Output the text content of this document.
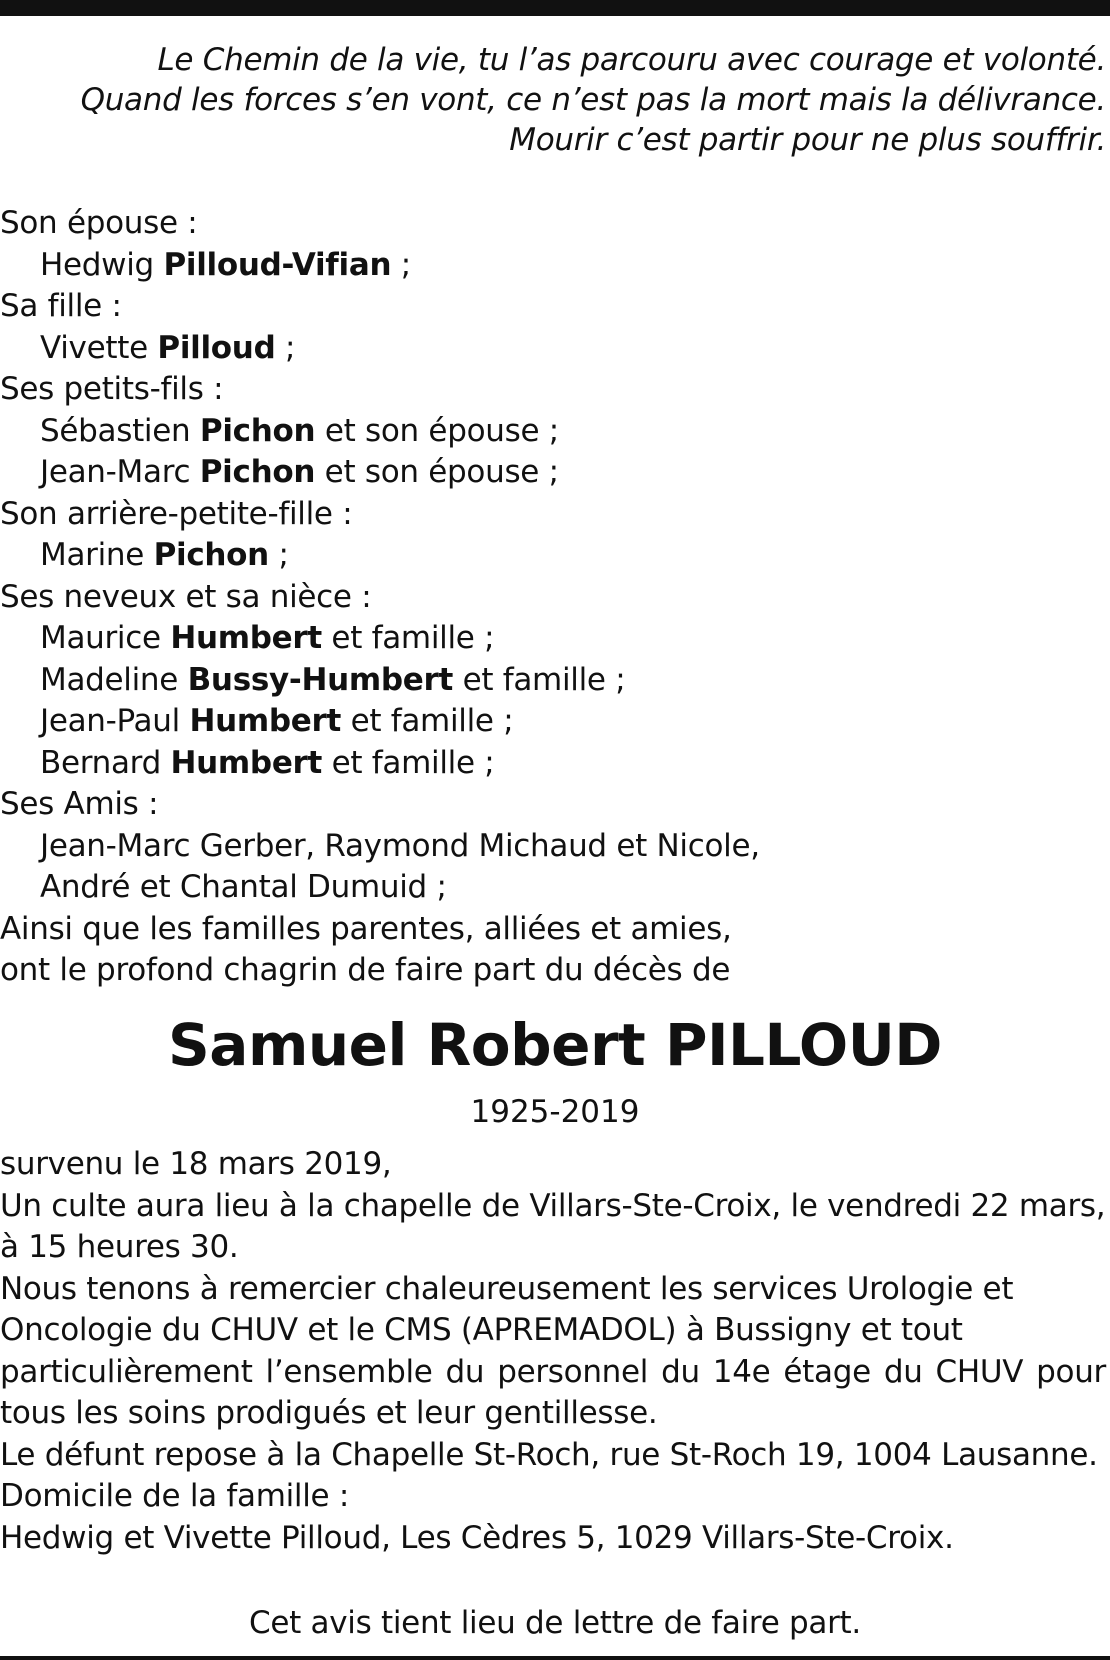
Le Chemin de la vie, tu l’as parcouru avec courage et volonté.
Quand les forces s’en vont, ce n’est pas la mort mais la délivrance.
Mourir c’est partir pour ne plus souffrir.
Son épouse :
Hedwig Pilloud-Vifian ;
Sa fille :
Vivette Pilloud ;
Ses petits-fils :
Sébastien Pichon et son épouse ;
Jean-Marc Pichon et son épouse ;
Son arrière-petite-fille :
Marine Pichon ;
Ses neveux et sa nièce :
Maurice Humbert et famille ;
Madeline Bussy-Humbert et famille ;
Jean-Paul Humbert et famille ;
Bernard Humbert et famille ;
Ses Amis :
Jean-Marc Gerber, Raymond Michaud et Nicole,
André et Chantal Dumuid ;
Ainsi que les familles parentes, alliées et amies,
ont le profond chagrin de faire part du décès de
Samuel Robert PILLOUD
1925-2019
survenu le 18 mars 2019,
Un culte aura lieu à la chapelle de Villars-Ste-Croix, le vendredi 22 mars,
à 15 heures 30.
Nous tenons à remercier chaleureusement les services Urologie et
Oncologie du CHUV et le CMS (APREMADOL) à Bussigny et tout
particulièrement l’ensemble du personnel du 14e étage du CHUV pour
tous les soins prodigués et leur gentillesse.
Le défunt repose à la Chapelle St-Roch, rue St-Roch 19, 1004 Lausanne.
Domicile de la famille :
Hedwig et Vivette Pilloud, Les Cèdres 5, 1029 Villars-Ste-Croix.
Cet avis tient lieu de lettre de faire part.
